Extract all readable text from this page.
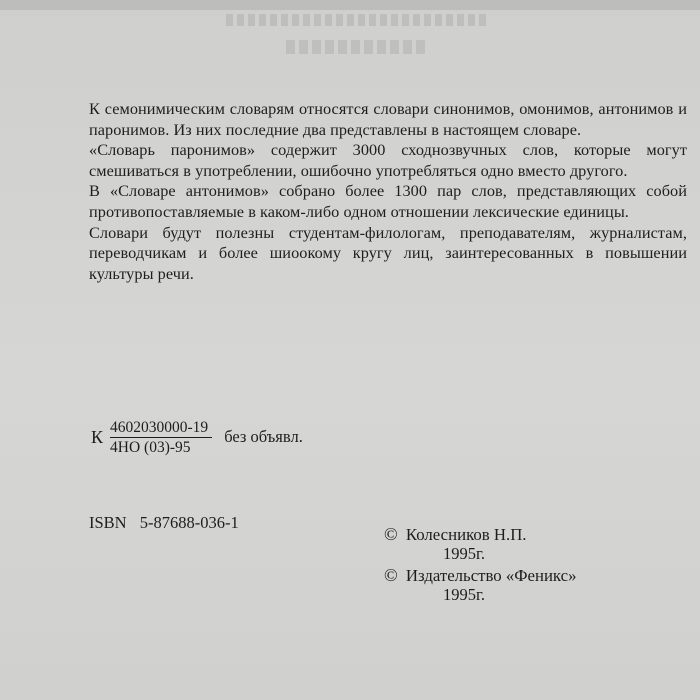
К семонимическим словарям относятся словари синонимов, омонимов, антонимов и паронимов. Из них последние два представлены в настоящем словаре.

«Словарь паронимов» содержит 3000 сходнозвучных слов, которые могут смешиваться в употреблении, ошибочно употребляться одно вместо другого.

В «Словаре антонимов» собрано более 1300 пар слов, представляющих собой противопоставляемые в каком-либо одном отношении лексические единицы.

Словари будут полезны студентам-филологам, преподавателям, журналистам, переводчикам и более шиоокому кругу лиц, заинтересованных в повышении культуры речи.

К $\frac{4602030000-19}{4НО (03)-95}$ без объявл.
ISBN 5-87688-036-1
© Колесников Н.П.
1995г.
© Издательство «Феникс»
1995г.
